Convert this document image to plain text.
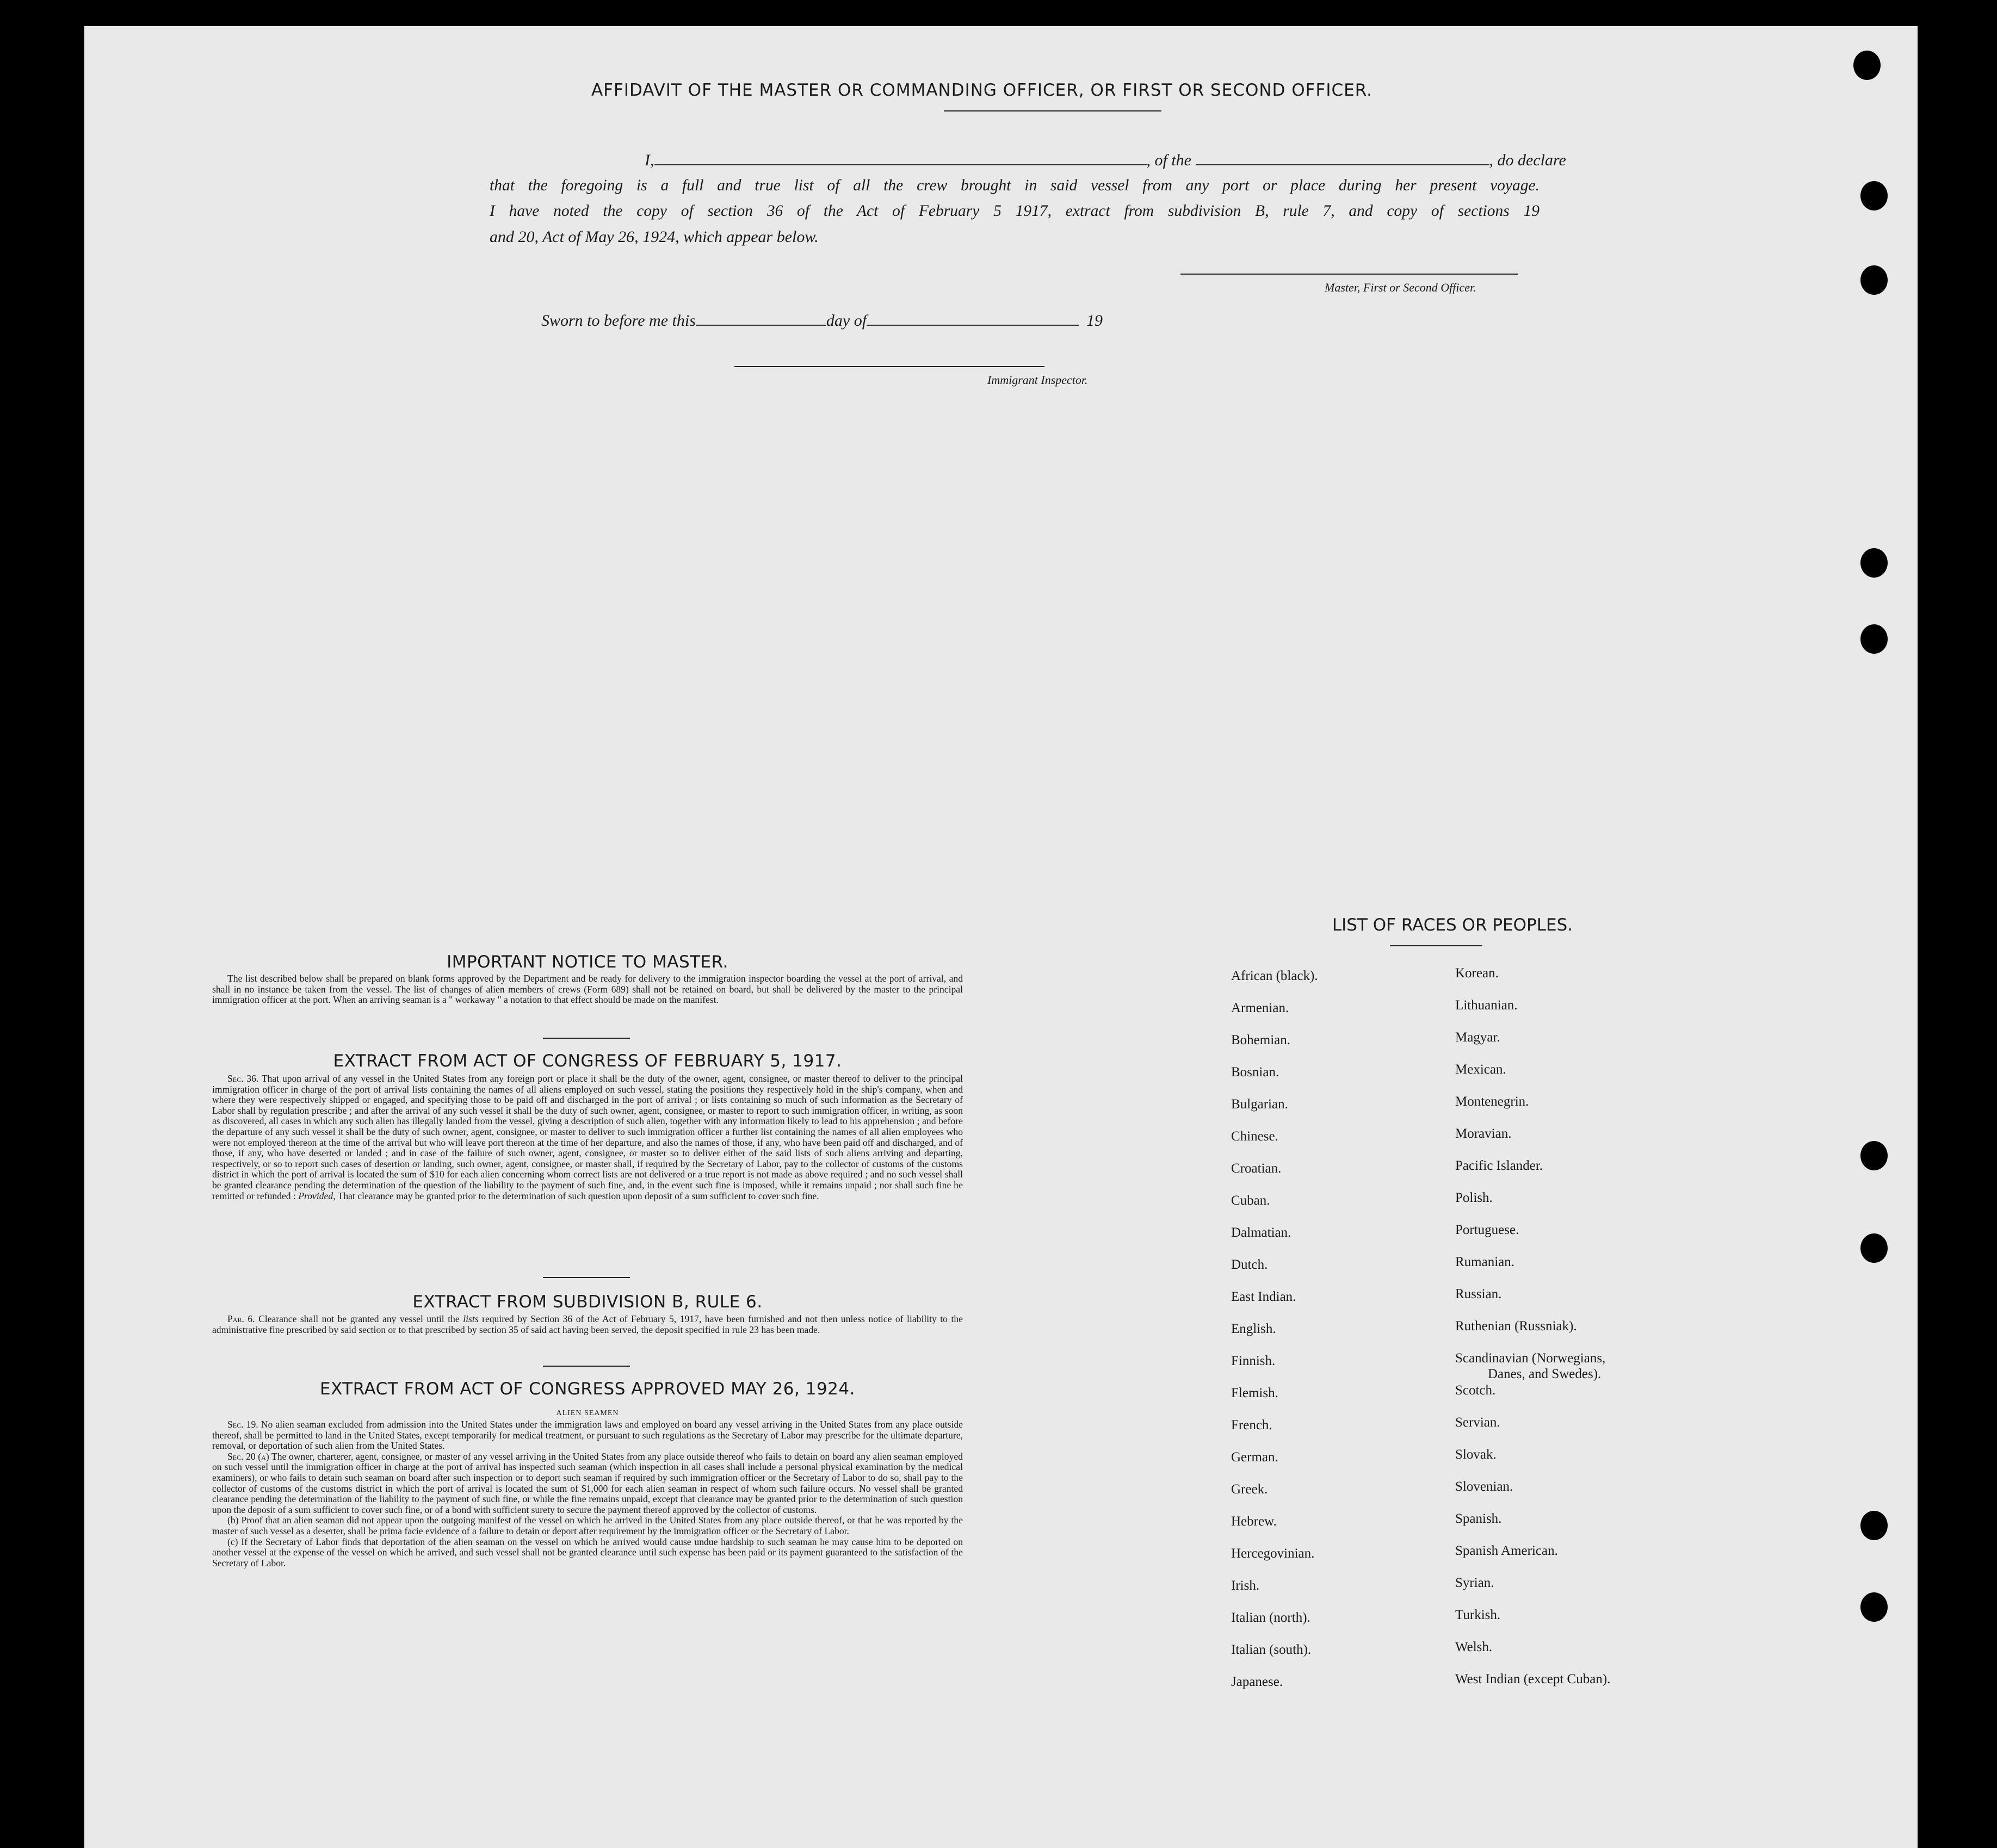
AFFIDAVIT OF THE MASTER OR COMMANDING OFFICER, OR FIRST OR SECOND OFFICER.
I,	, of the	, do declare
that the foregoing is a full and true list of all the crew brought in said vessel from any port or place during her present voyage.
I have noted the copy of section 36 of the Act of February 5 1917, extract from subdivision B, rule 7, and copy of sections 19
and 20, Act of May 26, 1924, which appear below.
Master, First or Second Officer.
Sworn to before me this	day of	19
Immigrant Inspector.
IMPORTANT NOTICE TO MASTER.

The list described below shall be prepared on blank forms approved by the Department and be ready for delivery to the immigration inspector boarding the vessel at the port of arrival, and shall in no instance be taken from the vessel. The list of changes of alien members of crews (Form 689) shall not be retained on board, but shall be delivered by the master to the principal immigration officer at the port. When an arriving seaman is a " workaway " a notation to that effect should be made on the manifest.

EXTRACT FROM ACT OF CONGRESS OF FEBRUARY 5, 1917.

Sec. 36. That upon arrival of any vessel in the United States from any foreign port or place it shall be the duty of the owner, agent, consignee, or master thereof to deliver to the principal immigration officer in charge of the port of arrival lists containing the names of all aliens employed on such vessel, stating the positions they respectively hold in the ship's company, when and where they were respectively shipped or engaged, and specifying those to be paid off and discharged in the port of arrival ; or lists containing so much of such information as the Secretary of Labor shall by regulation prescribe ; and after the arrival of any such vessel it shall be the duty of such owner, agent, consignee, or master to report to such immigration officer, in writing, as soon as discovered, all cases in which any such alien has illegally landed from the vessel, giving a description of such alien, together with any information likely to lead to his apprehension ; and before the departure of any such vessel it shall be the duty of such owner, agent, consignee, or master to deliver to such immigration officer a further list containing the names of all alien employees who were not employed thereon at the time of the arrival but who will leave port thereon at the time of her departure, and also the names of those, if any, who have been paid off and discharged, and of those, if any, who have deserted or landed ; and in case of the failure of such owner, agent, consignee, or master so to deliver either of the said lists of such aliens arriving and departing, respectively, or so to report such cases of desertion or landing, such owner, agent, consignee, or master shall, if required by the Secretary of Labor, pay to the collector of customs of the customs district in which the port of arrival is located the sum of $10 for each alien concerning whom correct lists are not delivered or a true report is not made as above required ; and no such vessel shall be granted clearance pending the determination of the question of the liability to the payment of such fine, and, in the event such fine is imposed, while it remains unpaid ; nor shall such fine be remitted or refunded : Provided, That clearance may be granted prior to the determination of such question upon deposit of a sum sufficient to cover such fine.

EXTRACT FROM SUBDIVISION B, RULE 6.

Par. 6. Clearance shall not be granted any vessel until the lists required by Section 36 of the Act of February 5, 1917, have been furnished and not then unless notice of liability to the administrative fine prescribed by said section or to that prescribed by section 35 of said act having been served, the deposit specified in rule 23 has been made.

EXTRACT FROM ACT OF CONGRESS APPROVED MAY 26, 1924.
ALIEN SEAMEN

Sec. 19. No alien seaman excluded from admission into the United States under the immigration laws and employed on board any vessel arriving in the United States from any place outside thereof, shall be permitted to land in the United States, except temporarily for medical treatment, or pursuant to such regulations as the Secretary of Labor may prescribe for the ultimate departure, removal, or deportation of such alien from the United States.

Sec. 20 (a) The owner, charterer, agent, consignee, or master of any vessel arriving in the United States from any place outside thereof who fails to detain on board any alien seaman employed on such vessel until the immigration officer in charge at the port of arrival has inspected such seaman (which inspection in all cases shall include a personal physical examination by the medical examiners), or who fails to detain such seaman on board after such inspection or to deport such seaman if required by such immigration officer or the Secretary of Labor to do so, shall pay to the collector of customs of the customs district in which the port of arrival is located the sum of $1,000 for each alien seaman in respect of whom such failure occurs. No vessel shall be granted clearance pending the determination of the liability to the payment of such fine, or while the fine remains unpaid, except that clearance may be granted prior to the determination of such question upon the deposit of a sum sufficient to cover such fine, or of a bond with sufficient surety to secure the payment thereof approved by the collector of customs.

(b) Proof that an alien seaman did not appear upon the outgoing manifest of the vessel on which he arrived in the United States from any place outside thereof, or that he was reported by the master of such vessel as a deserter, shall be prima facie evidence of a failure to detain or deport after requirement by the immigration officer or the Secretary of Labor.

(c) If the Secretary of Labor finds that deportation of the alien seaman on the vessel on which he arrived would cause undue hardship to such seaman he may cause him to be deported on another vessel at the expense of the vessel on which he arrived, and such vessel shall not be granted clearance until such expense has been paid or its payment guaranteed to the satisfaction of the Secretary of Labor.

LIST OF RACES OR PEOPLES.
African (black).
Armenian.
Bohemian.
Bosnian.
Bulgarian.
Chinese.
Croatian.
Cuban.
Dalmatian.
Dutch.
East Indian.
English.
Finnish.
Flemish.
French.
German.
Greek.
Hebrew.
Hercegovinian.
Irish.
Italian (north).
Italian (south).
Japanese.
Korean.
Lithuanian.
Magyar.
Mexican.
Montenegrin.
Moravian.
Pacific Islander.
Polish.
Portuguese.
Rumanian.
Russian.
Ruthenian (Russniak).
Scandinavian (Norwegians,
Danes, and Swedes).
Scotch.
Servian.
Slovak.
Slovenian.
Spanish.
Spanish American.
Syrian.
Turkish.
Welsh.
West Indian (except Cuban).
